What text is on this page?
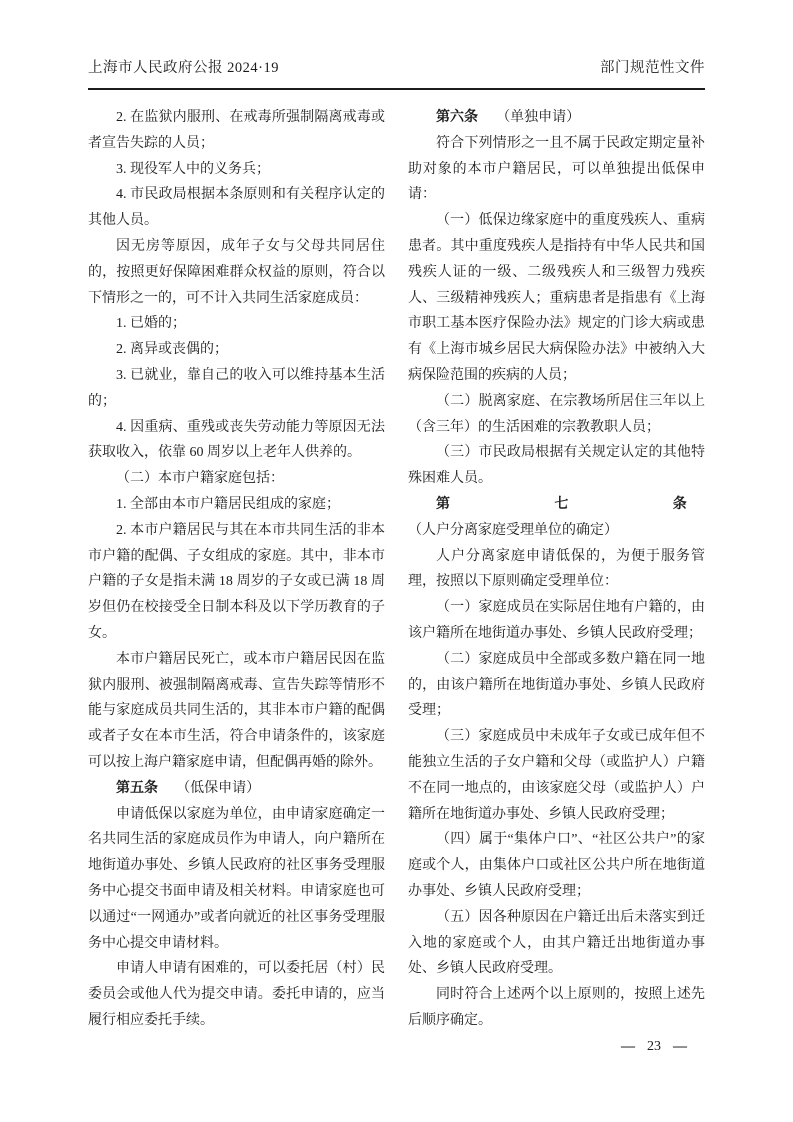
上海市人民政府公报 2024·19	部门规范性文件

2. 在监狱内服刑、在戒毒所强制隔离戒毒或者宣告失踪的人员；

3. 现役军人中的义务兵；

4. 市民政局根据本条原则和有关程序认定的其他人员。

因无房等原因，成年子女与父母共同居住的，按照更好保障困难群众权益的原则，符合以下情形之一的，可不计入共同生活家庭成员：

1. 已婚的；

2. 离异或丧偶的；

3. 已就业，靠自己的收入可以维持基本生活的；

4. 因重病、重残或丧失劳动能力等原因无法获取收入，依靠 60 周岁以上老年人供养的。

（二）本市户籍家庭包括：

1. 全部由本市户籍居民组成的家庭；

2. 本市户籍居民与其在本市共同生活的非本市户籍的配偶、子女组成的家庭。其中，非本市户籍的子女是指未满 18 周岁的子女或已满 18 周岁但仍在校接受全日制本科及以下学历教育的子女。

本市户籍居民死亡，或本市户籍居民因在监狱内服刑、被强制隔离戒毒、宣告失踪等情形不能与家庭成员共同生活的，其非本市户籍的配偶或者子女在本市生活，符合申请条件的，该家庭可以按上海户籍家庭申请，但配偶再婚的除外。

第五条 （低保申请）

申请低保以家庭为单位，由申请家庭确定一名共同生活的家庭成员作为申请人，向户籍所在地街道办事处、乡镇人民政府的社区事务受理服务中心提交书面申请及相关材料。申请家庭也可以通过“一网通办”或者向就近的社区事务受理服务中心提交申请材料。

申请人申请有困难的，可以委托居（村）民委员会或他人代为提交申请。委托申请的，应当履行相应委托手续。

第六条 （单独申请）

符合下列情形之一且不属于民政定期定量补助对象的本市户籍居民，可以单独提出低保申请：

（一）低保边缘家庭中的重度残疾人、重病患者。其中重度残疾人是指持有中华人民共和国残疾人证的一级、二级残疾人和三级智力残疾人、三级精神残疾人；重病患者是指患有《上海市职工基本医疗保险办法》规定的门诊大病或患有《上海市城乡居民大病保险办法》中被纳入大病保险范围的疾病的人员；

（二）脱离家庭、在宗教场所居住三年以上（含三年）的生活困难的宗教教职人员；

（三）市民政局根据有关规定认定的其他特殊困难人员。

第七条（人户分离家庭受理单位的确定）

人户分离家庭申请低保的，为便于服务管理，按照以下原则确定受理单位：

（一）家庭成员在实际居住地有户籍的，由该户籍所在地街道办事处、乡镇人民政府受理；

（二）家庭成员中全部或多数户籍在同一地的，由该户籍所在地街道办事处、乡镇人民政府受理；

（三）家庭成员中未成年子女或已成年但不能独立生活的子女户籍和父母（或监护人）户籍不在同一地点的，由该家庭父母（或监护人）户籍所在地街道办事处、乡镇人民政府受理；

（四）属于“集体户口”、“社区公共户”的家庭或个人，由集体户口或社区公共户所在地街道办事处、乡镇人民政府受理；

（五）因各种原因在户籍迁出后未落实到迁入地的家庭或个人，由其户籍迁出地街道办事处、乡镇人民政府受理。

同时符合上述两个以上原则的，按照上述先后顺序确定。

— 23 —
